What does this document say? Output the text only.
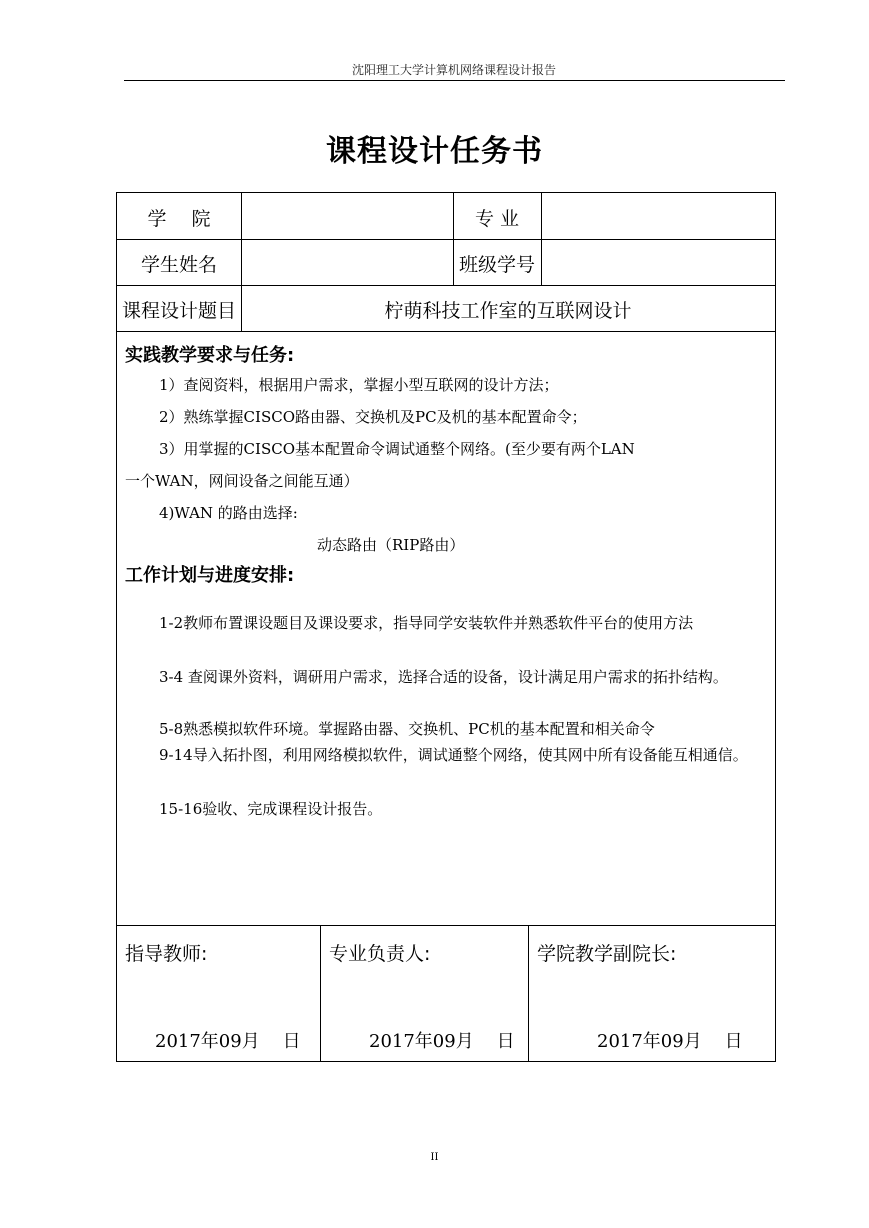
沈阳理工大学计算机网络课程设计报告
课程设计任务书
学　 院	专 业
学生姓名	班级学号
课程设计题目	柠萌科技工作室的互联网设计
实践教学要求与任务:
1）查阅资料，根据用户需求，掌握小型互联网的设计方法；
2）熟练掌握CISCO路由器、交换机及PC及机的基本配置命令；
3）用掌握的CISCO基本配置命令调试通整个网络。(至少要有两个LAN
一个WAN，网间设备之间能互通）
4)WAN 的路由选择:
动态路由（RIP路由）
工作计划与进度安排:
1-2教师布置课设题目及课设要求，指导同学安装软件并熟悉软件平台的使用方法
3-4 查阅课外资料，调研用户需求，选择合适的设备，设计满足用户需求的拓扑结构。
5-8熟悉模拟软件环境。掌握路由器、交换机、PC机的基本配置和相关命令
9-14导入拓扑图，利用网络模拟软件，调试通整个网络，使其网中所有设备能互相通信。
15-16验收、完成课程设计报告。
指导教师:
2017年09月    日
专业负责人:
2017年09月    日
学院教学副院长:
2017年09月    日
II
